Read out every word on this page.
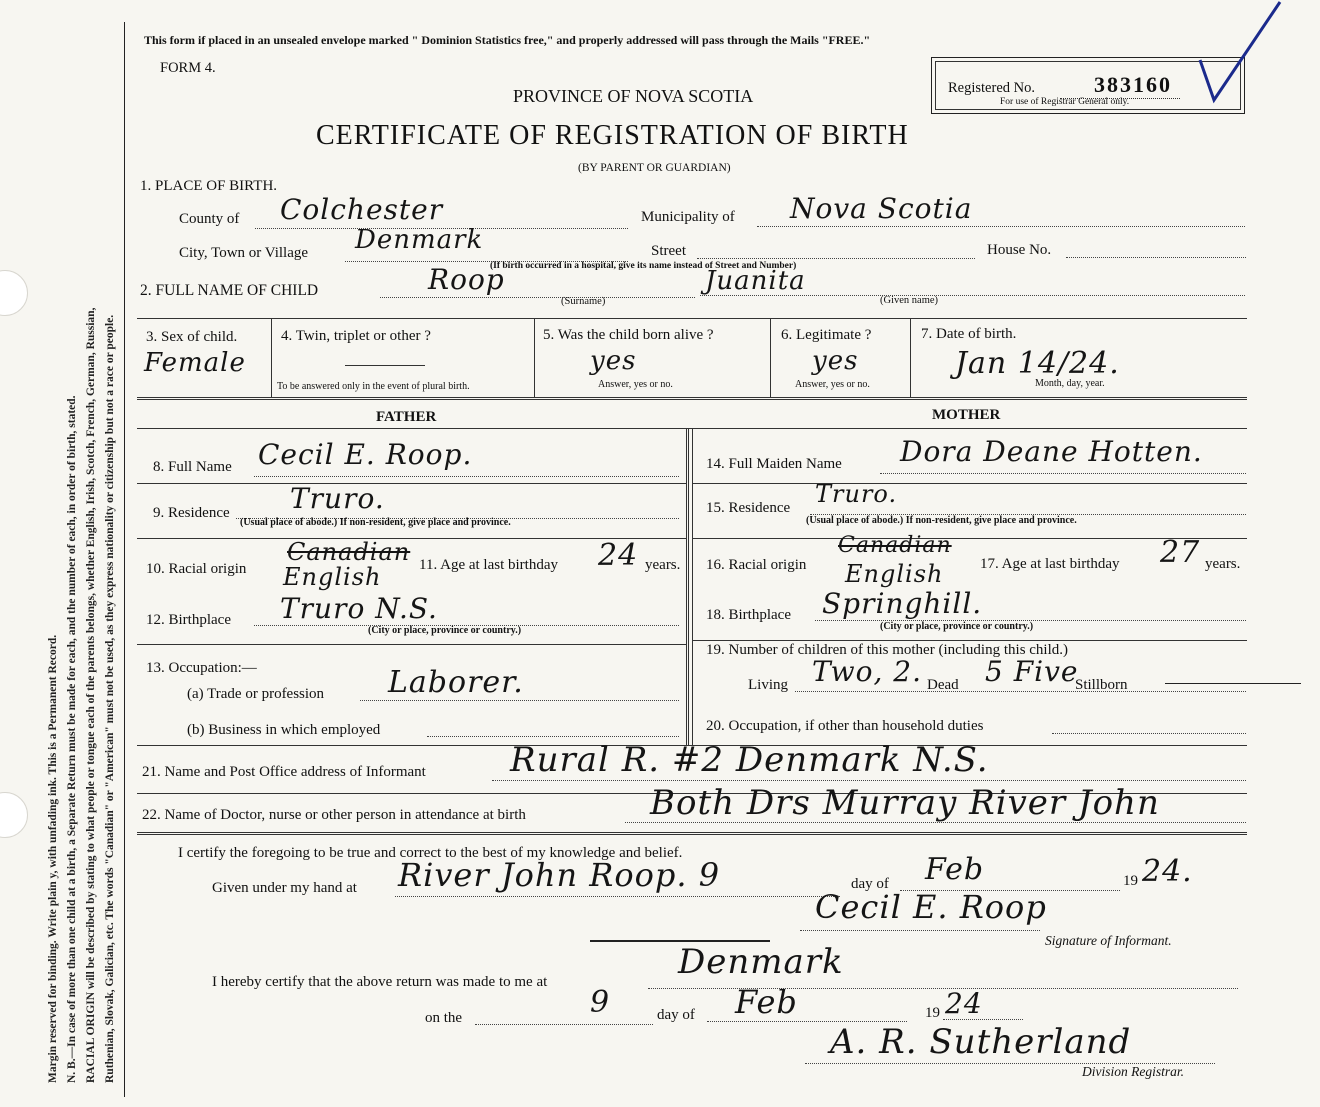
Margin reserved for binding. Write plain y, with unfading ink. This is a Permanent Record. N. B.—In case of more than one child at a birth, a Separate Return must be made for each, and the number of each, in order of birth, stated. RACIAL ORIGIN will be described by stating to what people or tongue each of the parents belongs, whether English, Irish, Scotch, French, German, Russian, Ruthenian, Slovak, Galician, etc. The words "Canadian" or "American" must not be used, as they express nationality or citizenship but not a race or people.
This form if placed in an unsealed envelope marked " Dominion Statistics free," and properly addressed will pass through the Mails "FREE."
FORM 4.
PROVINCE OF NOVA SCOTIA
CERTIFICATE OF REGISTRATION OF BIRTH
(BY PARENT OR GUARDIAN)
Registered No.	383160
For use of Registrar General only.
1. PLACE OF BIRTH.
County of Colchester	Municipality of Nova Scotia
City, Town or Village Denmark	Street
(If birth occurred in a hospital, give its name instead of Street and Number)
House No.
2. FULL NAME OF CHILD	Roop
(Surname)
Juanita
(Given name)
3. Sex of child.
Female
4. Twin, triplet or other ?
To be answered only in the event of plural birth.
5. Was the child born alive ?
yes
Answer, yes or no.
6. Legitimate ?
yes
Answer, yes or no.
7. Date of birth.
Jan 14/24.
Month, day, year.
FATHER	MOTHER
8. Full Name Cecil E. Roop.
9. Residence Truro.
(Usual place of abode.) If non-resident, give place and province.
10. Racial origin
Canadian
English	11. Age at last birthday 24 years.
12. Birthplace Truro N.S.
(City or place, province or country.)
13. Occupation:—
(a) Trade or profession Laborer.
(b) Business in which employed
14. Full Maiden Name Dora Deane Hotten.
15. Residence Truro.
(Usual place of abode.) If non-resident, give place and province.
16. Racial origin
Canadian
English 17. Age at last birthday 27 years.
18. Birthplace Springhill.
(City or place, province or country.)
19. Number of children of this mother (including this child.)
Living Two, 2. Dead 5 Five
Stillborn
20. Occupation, if other than household duties
21. Name and Post Office address of Informant Rural R. #2 Denmark N.S.
22. Name of Doctor, nurse or other person in attendance at birth	Both Drs Murray River John
I certify the foregoing to be true and correct to the best of my knowledge and belief.
Given under my hand at River John Roop. 9	day of Feb	19 24.
Cecil E. Roop
Signature of Informant.
I hereby certify that the above return was made to me at	Denmark
on the	9	day of Feb	19 24
A. R. Sutherland
Division Registrar.
